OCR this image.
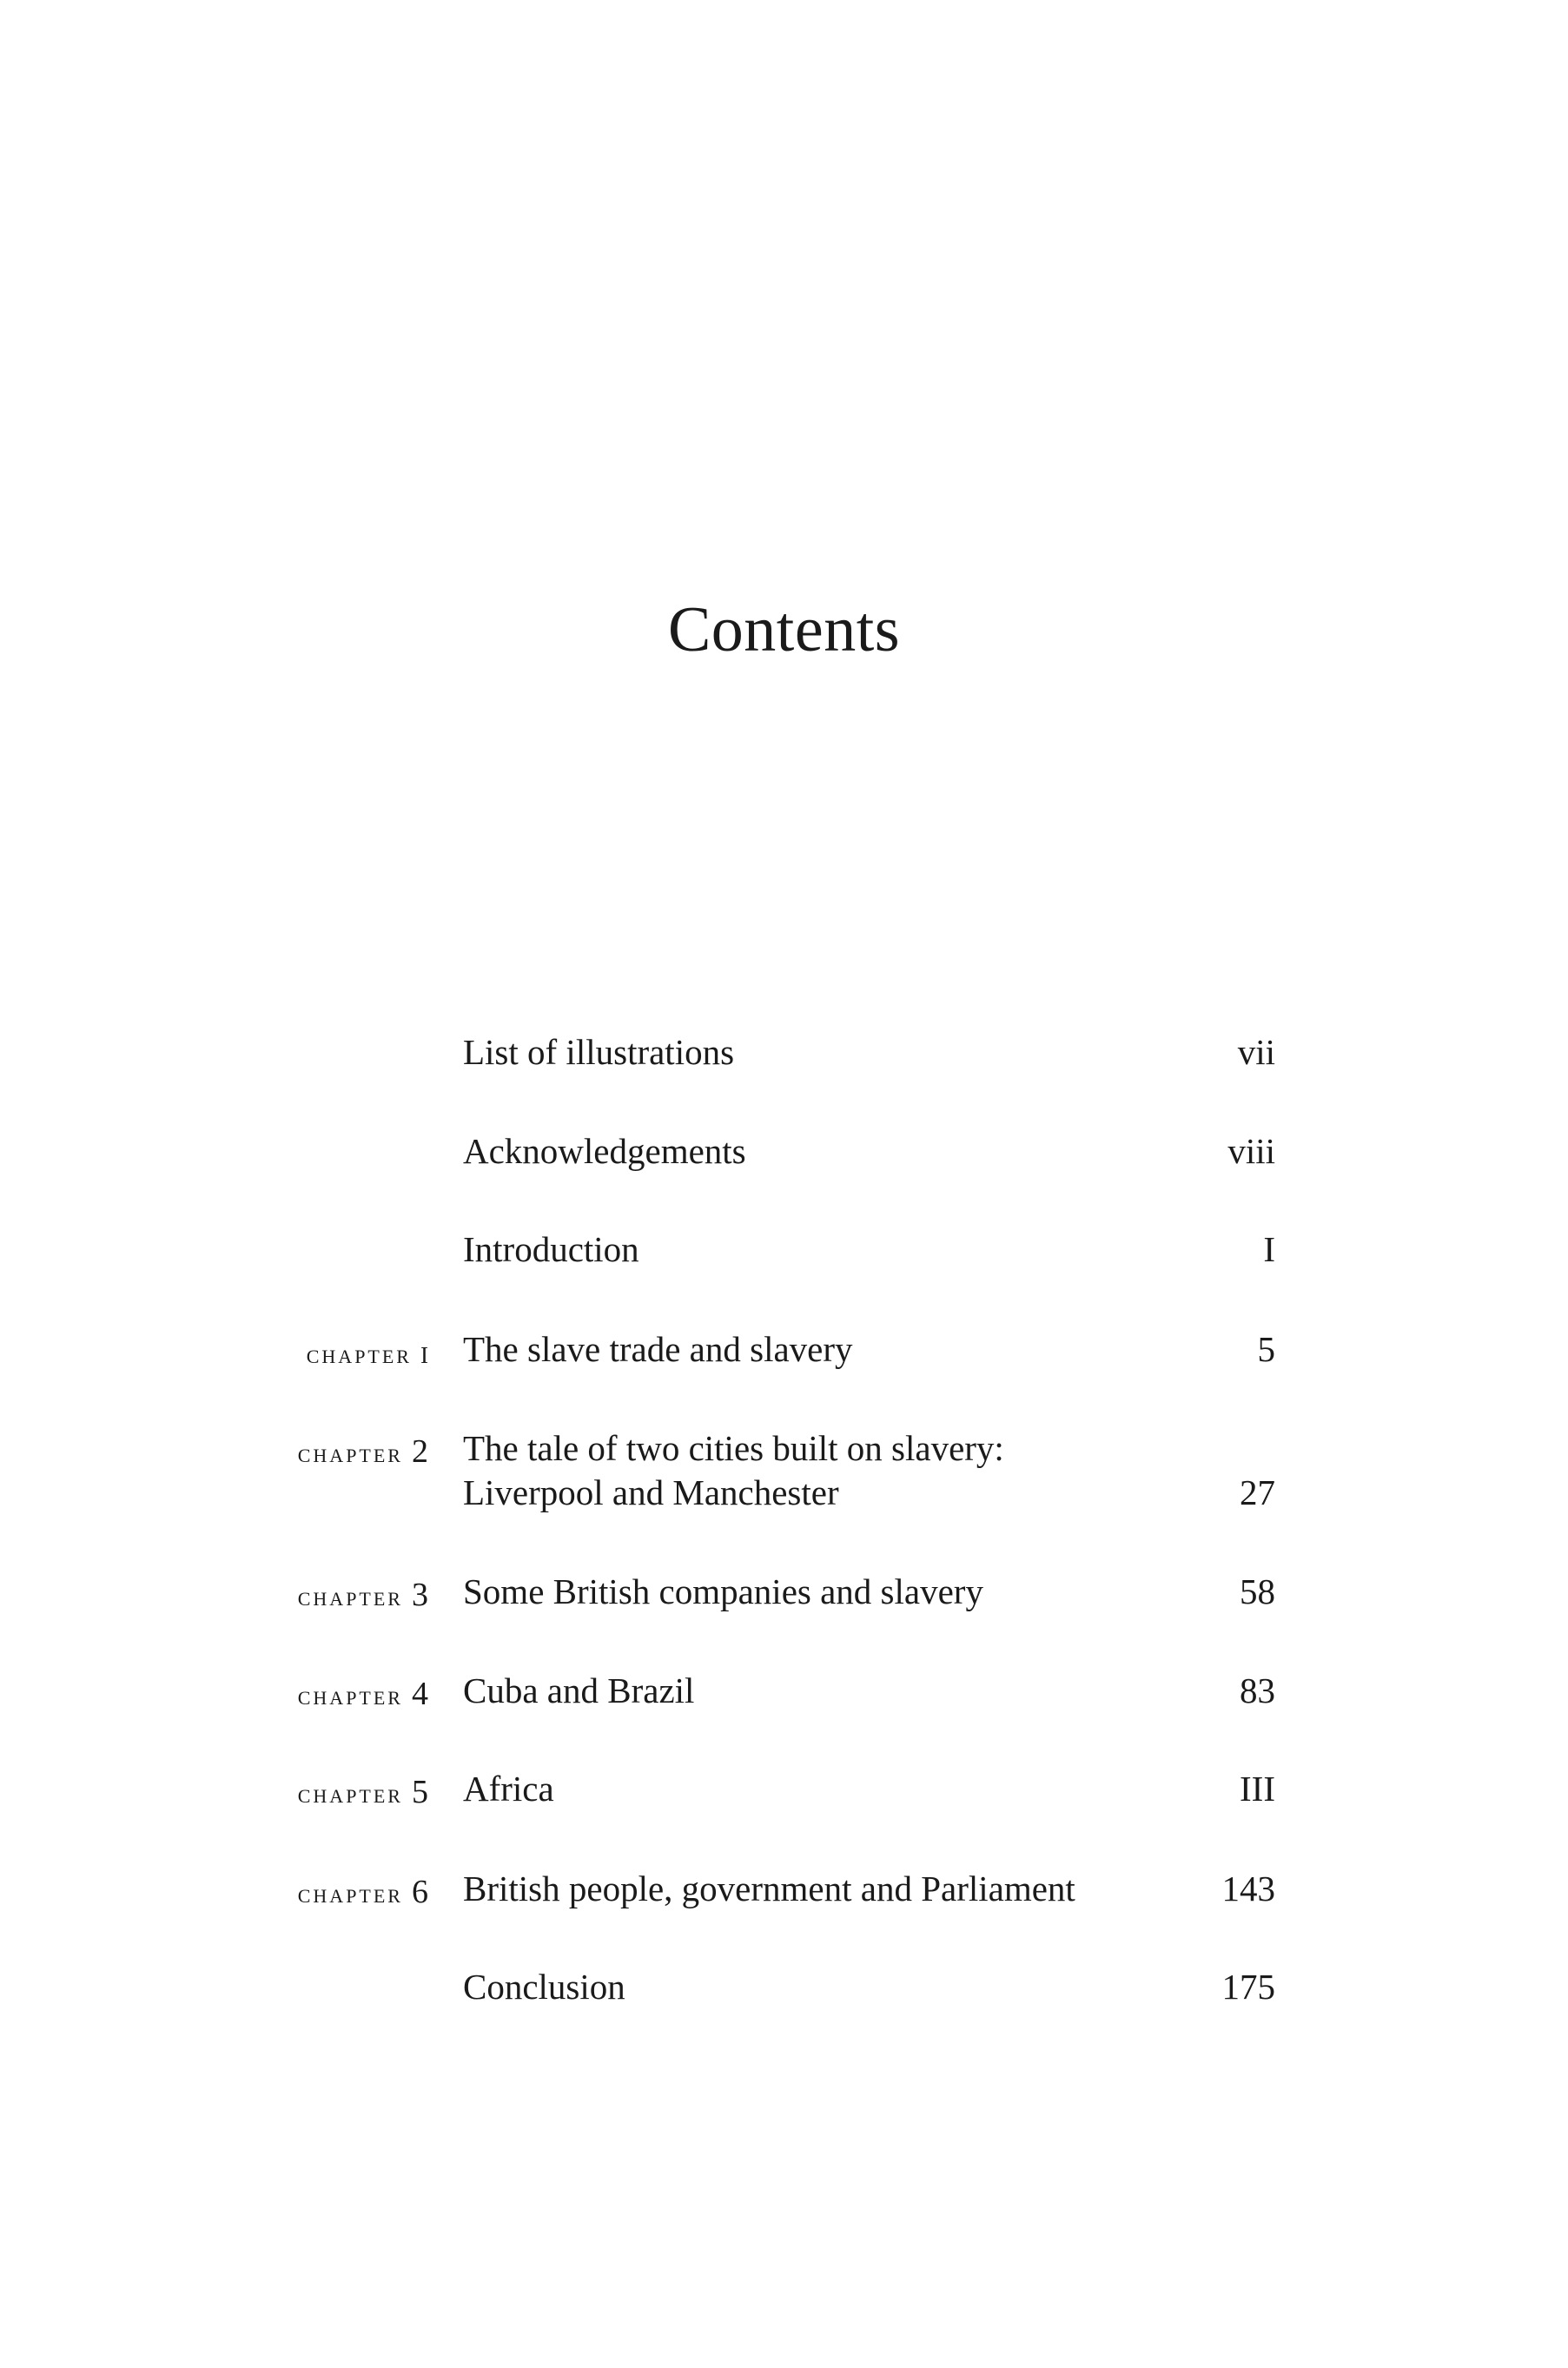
Contents
List of illustrations	vii
Acknowledgements	viii
Introduction	I
chapter i The slave trade and slavery	5
chapter 2 The tale of two cities built on slavery:
Liverpool and Manchester	27
chapter 3 Some British companies and slavery	58
chapter 4 Cuba and Brazil	83
chapter 5 Africa	III
chapter 6 British people, government and Parliament	143
Conclusion	175
